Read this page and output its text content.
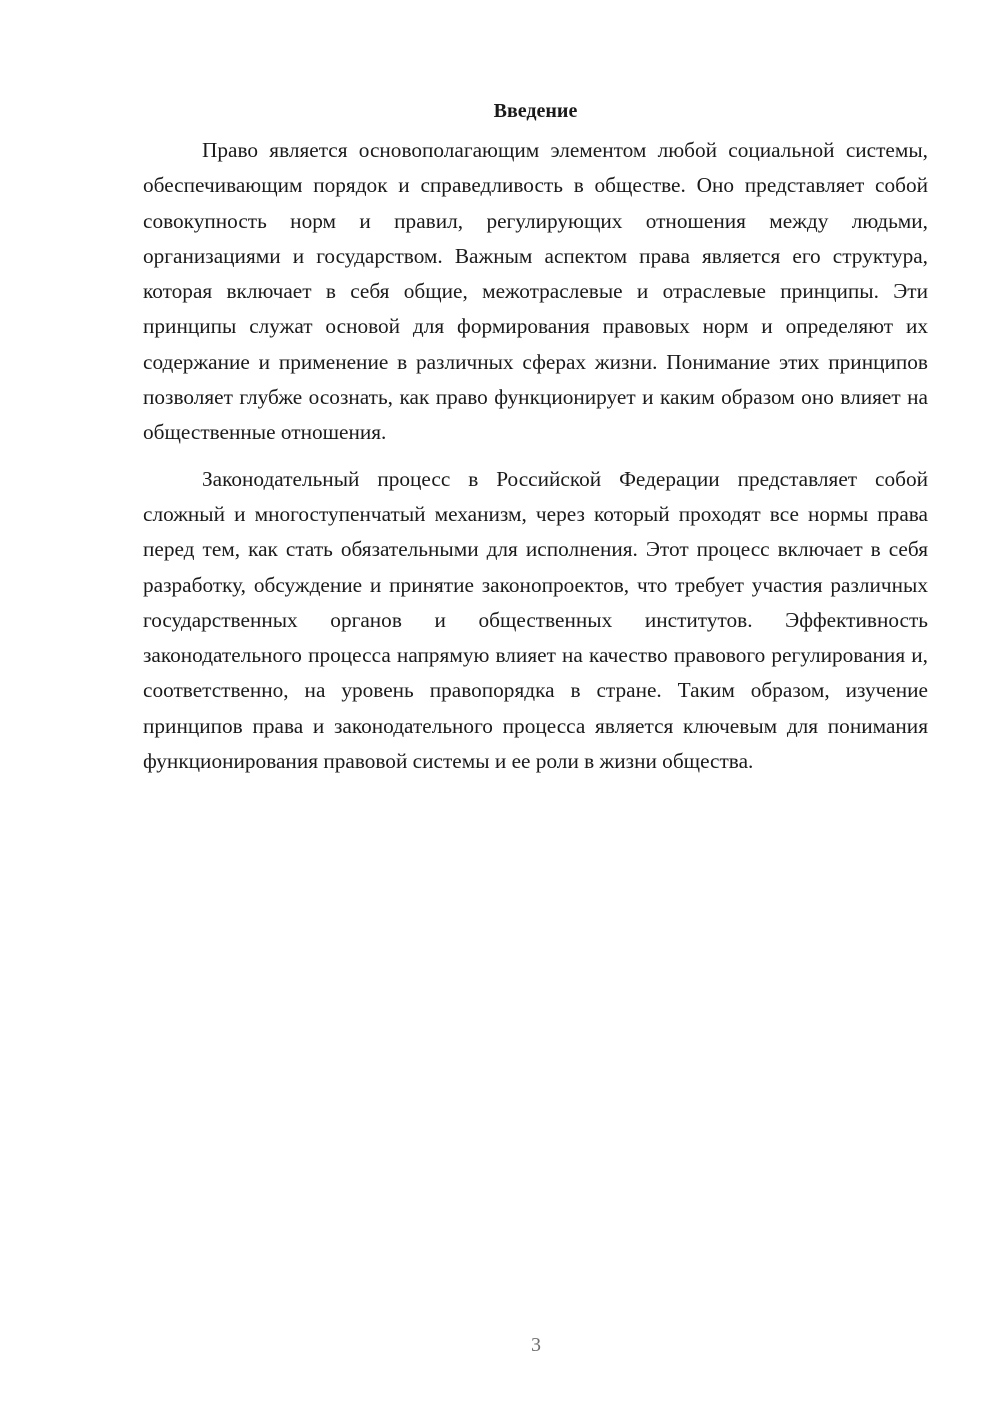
Введение

Право является основополагающим элементом любой социальной системы, обеспечивающим порядок и справедливость в обществе. Оно представляет собой совокупность норм и правил, регулирующих отношения между людьми, организациями и государством. Важным аспектом права является его структура, которая включает в себя общие, межотраслевые и отраслевые принципы. Эти принципы служат основой для формирования правовых норм и определяют их содержание и применение в различных сферах жизни. Понимание этих принципов позволяет глубже осознать, как право функционирует и каким образом оно влияет на общественные отношения.

Законодательный процесс в Российской Федерации представляет собой сложный и многоступенчатый механизм, через который проходят все нормы права перед тем, как стать обязательными для исполнения. Этот процесс включает в себя разработку, обсуждение и принятие законопроектов, что требует участия различных государственных органов и общественных институтов. Эффективность законодательного процесса напрямую влияет на качество правового регулирования и, соответственно, на уровень правопорядка в стране. Таким образом, изучение принципов права и законодательного процесса является ключевым для понимания функционирования правовой системы и ее роли в жизни общества.

3
